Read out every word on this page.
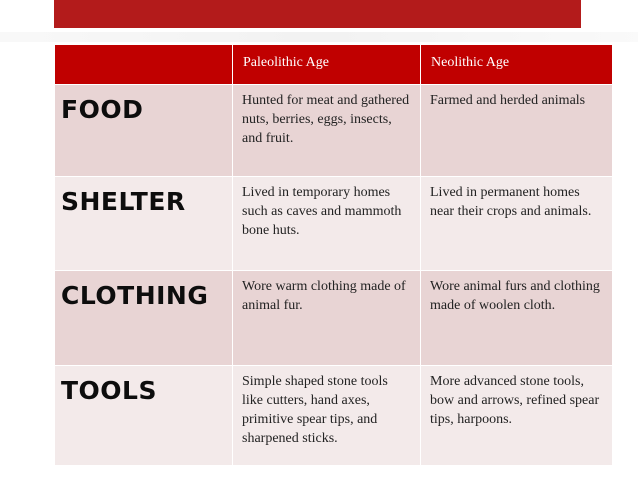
	Paleolithic Age	Neolithic Age
FOOD	Hunted for meat and gathered nuts, berries, eggs, insects, and fruit.	Farmed and herded animals
SHELTER	Lived in temporary homes such as caves and mammoth bone huts.	Lived in permanent homes near their crops and animals.
CLOTHING	Wore warm clothing made of animal fur.	Wore animal furs and clothing made of woolen cloth.
TOOLS	Simple shaped stone tools like cutters, hand axes, primitive spear tips, and sharpened sticks.	More advanced stone tools, bow and arrows, refined spear tips, harpoons.
